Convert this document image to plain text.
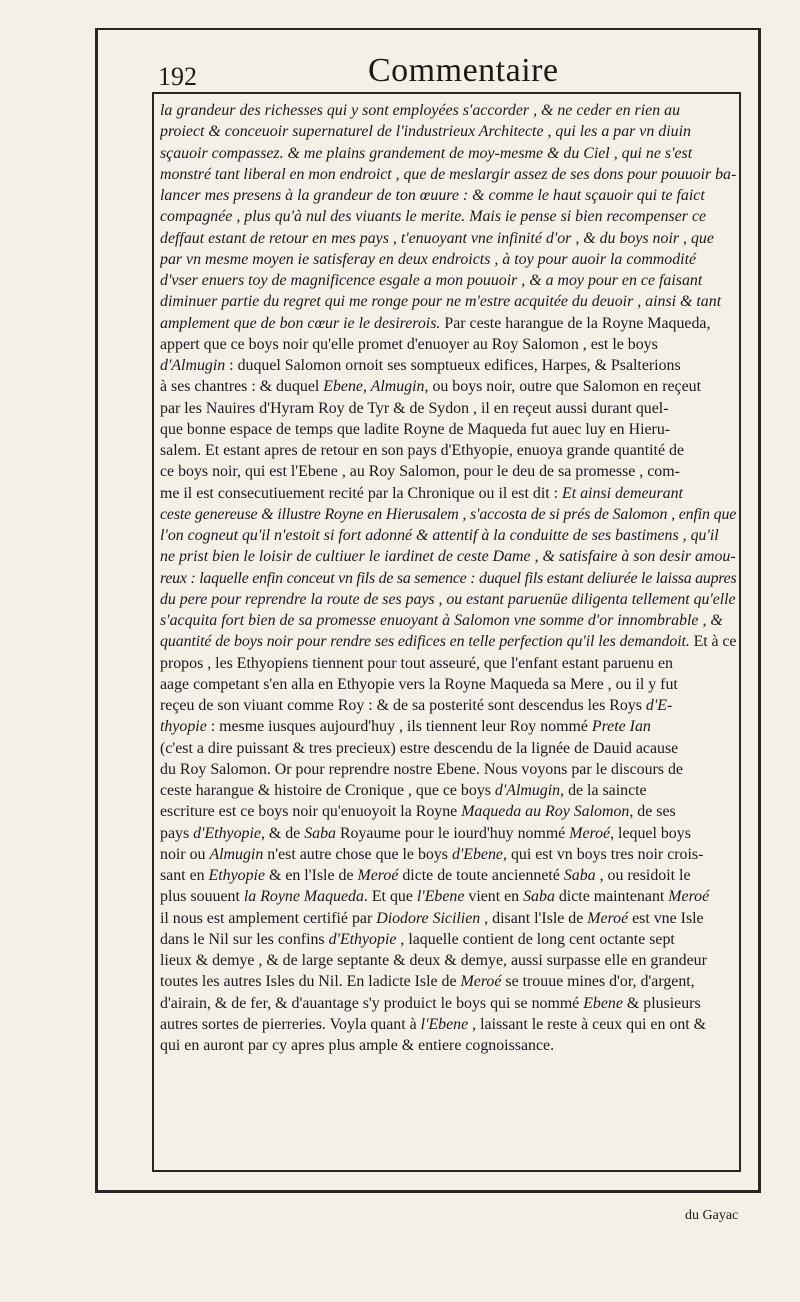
192	Commentaire
la grandeur des richesses qui y sont employées s'accorder , & ne ceder en rien au
proiect & conceuoir supernaturel de l'industrieux Architecte , qui les a par vn diuin
sçauoir compassez. & me plains grandement de moy-mesme & du Ciel , qui ne s'est
monstré tant liberal en mon endroict , que de meslargir assez de ses dons pour pouuoir ba-
lancer mes presens à la grandeur de ton œuure : & comme le haut sçauoir qui te faict
compagnée , plus qu'à nul des viuants le merite. Mais ie pense si bien recompenser ce
deffaut estant de retour en mes pays , t'enuoyant vne infinité d'or , & du boys noir , que
par vn mesme moyen ie satisferay en deux endroicts , à toy pour auoir la commodité
d'vser enuers toy de magnificence esgale a mon pouuoir , & a moy pour en ce faisant
diminuer partie du regret qui me ronge pour ne m'estre acquitée du deuoir , ainsi & tant
amplement que de bon cœur ie le desirerois. Par ceste harangue de la Royne Maqueda,
appert que ce boys noir qu'elle promet d'enuoyer au Roy Salomon , est le boys
d'Almugin : duquel Salomon ornoit ses somptueux edifices, Harpes, & Psalterions
à ses chantres : & duquel Ebene, Almugin, ou boys noir, outre que Salomon en reçeut
par les Nauires d'Hyram Roy de Tyr & de Sydon , il en reçeut aussi durant quel-
que bonne espace de temps que ladite Royne de Maqueda fut auec luy en Hieru-
salem. Et estant apres de retour en son pays d'Ethyopie, enuoya grande quantité de
ce boys noir, qui est l'Ebene , au Roy Salomon, pour le deu de sa promesse , com-
me il est consecutiuement recité par la Chronique ou il est dit : Et ainsi demeurant
ceste genereuse & illustre Royne en Hierusalem , s'accosta de si prés de Salomon , enfin que
l'on cogneut qu'il n'estoit si fort adonné & attentif à la conduitte de ses bastimens , qu'il
ne prist bien le loisir de cultiuer le iardinet de ceste Dame , & satisfaire à son desir amou-
reux : laquelle enfin conceut vn fils de sa semence : duquel fils estant deliurée le laissa aupres
du pere pour reprendre la route de ses pays , ou estant paruenüe diligenta tellement qu'elle
s'acquita fort bien de sa promesse enuoyant à Salomon vne somme d'or innombrable , &
quantité de boys noir pour rendre ses edifices en telle perfection qu'il les demandoit. Et à ce
propos , les Ethyopiens tiennent pour tout asseuré, que l'enfant estant paruenu en
aage competant s'en alla en Ethyopie vers la Royne Maqueda sa Mere , ou il y fut
reçeu de son viuant comme Roy : & de sa posterité sont descendus les Roys d'E-
thyopie : mesme iusques aujourd'huy , ils tiennent leur Roy nommé Prete Ian
(c'est a dire puissant & tres precieux) estre descendu de la lignée de Dauid acause
du Roy Salomon. Or pour reprendre nostre Ebene. Nous voyons par le discours de
ceste harangue & histoire de Cronique , que ce boys d'Almugin, de la saincte
escriture est ce boys noir qu'enuoyoit la Royne Maqueda au Roy Salomon, de ses
pays d'Ethyopie, & de Saba Royaume pour le iourd'huy nommé Meroé, lequel boys
noir ou Almugin n'est autre chose que le boys d'Ebene, qui est vn boys tres noir crois-
sant en Ethyopie & en l'Isle de Meroé dicte de toute ancienneté Saba , ou residoit le
plus souuent la Royne Maqueda. Et que l'Ebene vient en Saba dicte maintenant Meroé
il nous est amplement certifié par Diodore Sicilien , disant l'Isle de Meroé est vne Isle
dans le Nil sur les confins d'Ethyopie , laquelle contient de long cent octante sept
lieux & demye , & de large septante & deux & demye, aussi surpasse elle en grandeur
toutes les autres Isles du Nil. En ladicte Isle de Meroé se trouue mines d'or, d'argent,
d'airain, & de fer, & d'auantage s'y produict le boys qui se nommé Ebene & plusieurs
autres sortes de pierreries. Voyla quant à l'Ebene , laissant le reste à ceux qui en ont &
qui en auront par cy apres plus ample & entiere cognoissance.
du Gayac
